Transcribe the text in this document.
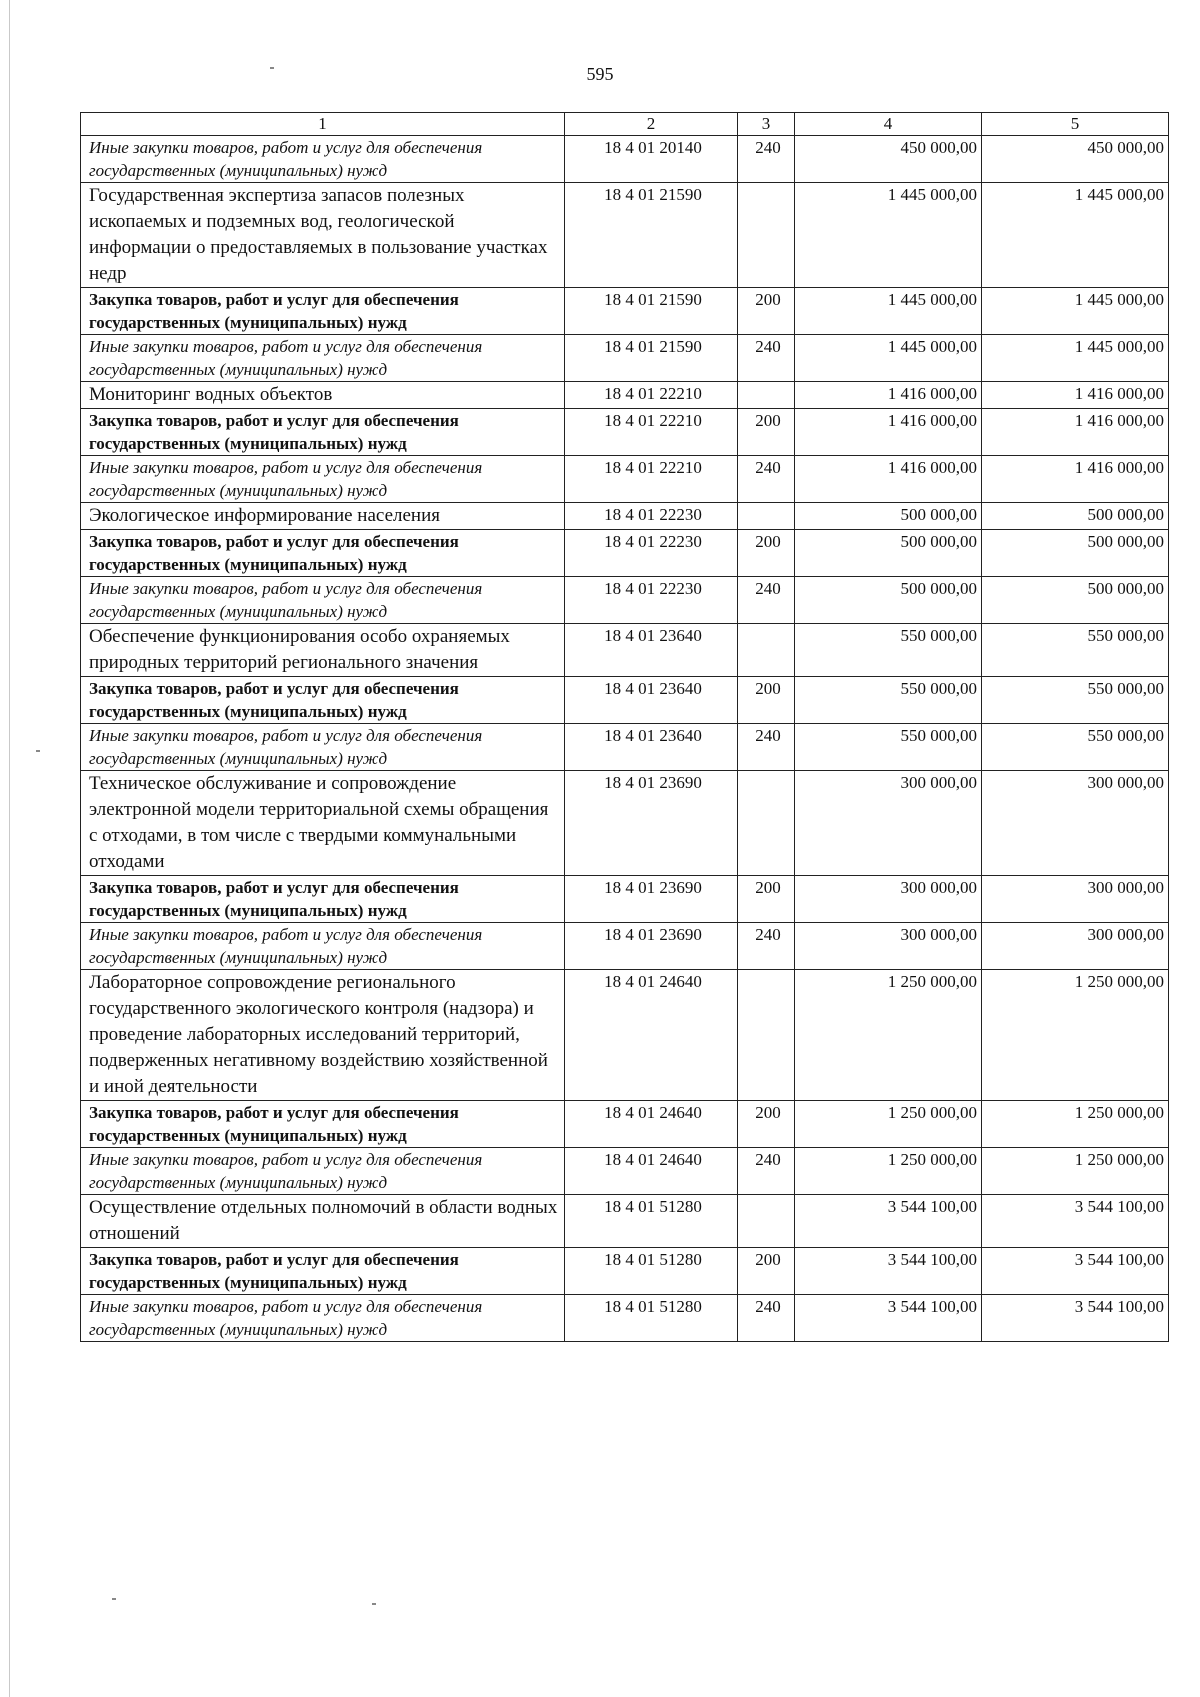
595
1	2	3	4	5
Иные закупки товаров, работ и услуг для обеспечения государственных (муниципальных) нужд	18 4 01 20140	240	450 000,00	450 000,00
Государственная экспертиза запасов полезных ископаемых и подземных вод, геологической информации о предоставляемых в пользование участках недр	18 4 01 21590		1 445 000,00	1 445 000,00
Закупка товаров, работ и услуг для обеспечения государственных (муниципальных) нужд	18 4 01 21590	200	1 445 000,00	1 445 000,00
Иные закупки товаров, работ и услуг для обеспечения государственных (муниципальных) нужд	18 4 01 21590	240	1 445 000,00	1 445 000,00
Мониторинг водных объектов	18 4 01 22210		1 416 000,00	1 416 000,00
Закупка товаров, работ и услуг для обеспечения государственных (муниципальных) нужд	18 4 01 22210	200	1 416 000,00	1 416 000,00
Иные закупки товаров, работ и услуг для обеспечения государственных (муниципальных) нужд	18 4 01 22210	240	1 416 000,00	1 416 000,00
Экологическое информирование населения	18 4 01 22230		500 000,00	500 000,00
Закупка товаров, работ и услуг для обеспечения государственных (муниципальных) нужд	18 4 01 22230	200	500 000,00	500 000,00
Иные закупки товаров, работ и услуг для обеспечения государственных (муниципальных) нужд	18 4 01 22230	240	500 000,00	500 000,00
Обеспечение функционирования особо охраняемых природных территорий регионального значения	18 4 01 23640		550 000,00	550 000,00
Закупка товаров, работ и услуг для обеспечения государственных (муниципальных) нужд	18 4 01 23640	200	550 000,00	550 000,00
Иные закупки товаров, работ и услуг для обеспечения государственных (муниципальных) нужд	18 4 01 23640	240	550 000,00	550 000,00
Техническое обслуживание и сопровождение электронной модели территориальной схемы обращения с отходами, в том числе с твердыми коммунальными отходами	18 4 01 23690		300 000,00	300 000,00
Закупка товаров, работ и услуг для обеспечения государственных (муниципальных) нужд	18 4 01 23690	200	300 000,00	300 000,00
Иные закупки товаров, работ и услуг для обеспечения государственных (муниципальных) нужд	18 4 01 23690	240	300 000,00	300 000,00
Лабораторное сопровождение регионального государственного экологического контроля (надзора) и проведение лабораторных исследований территорий, подверженных негативному воздействию хозяйственной и иной деятельности	18 4 01 24640		1 250 000,00	1 250 000,00
Закупка товаров, работ и услуг для обеспечения государственных (муниципальных) нужд	18 4 01 24640	200	1 250 000,00	1 250 000,00
Иные закупки товаров, работ и услуг для обеспечения государственных (муниципальных) нужд	18 4 01 24640	240	1 250 000,00	1 250 000,00
Осуществление отдельных полномочий в области водных отношений	18 4 01 51280		3 544 100,00	3 544 100,00
Закупка товаров, работ и услуг для обеспечения государственных (муниципальных) нужд	18 4 01 51280	200	3 544 100,00	3 544 100,00
Иные закупки товаров, работ и услуг для обеспечения государственных (муниципальных) нужд	18 4 01 51280	240	3 544 100,00	3 544 100,00
